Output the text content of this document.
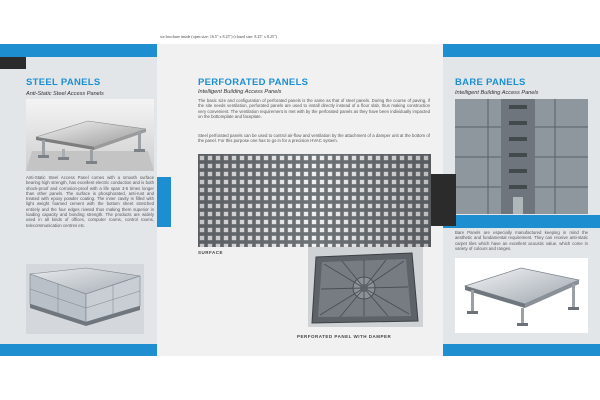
we brochure inside (open size: 16.5" x 8.25") (closed size: 8.25" x 8.25")
STEEL PANELS
Anti-Static Steel Access Panels

Anti-Static Steel Access Panel comes with a smooth surface bearing high strength, has excellent electric conduction and is both shock-proof and corrosion-proof with a life span 3-5 times longer than other panels. The surface is phosphorated, anti-rust and treated with epoxy powder coating. The inner cavity is filled with light weight foamed cement with the bottom sheet stretched entirely and the four edges riveted thus making them superior in loading capacity and bonding strength. The products are widely used in all kinds of offices, computer rooms, control rooms, telecommunication centres etc.

PERFORATED PANELS
Intelligent Building Access Panels

The basic size and configuration of perforated panels is the same as that of steel panels. During the course of paving, if the site needs ventilation, perforated panels are used to install directly instead of a floor slab, thus making construction very convenient. The ventilation requirement is met with by the perforated panels as they have been individually impacted on the bottomplate and faceplate.

Steel perforated panels can be used to control air-flow and ventilation by the attachment of a damper unit at the bottom of the panel. For this purpose one has to go in for a precision HVAC system.

SURFACE
PERFORATED PANEL WITH DAMPER
BARE PANELS
Intelligent Building Access Panels

Bare Panels are especially manufactured keeping in mind the aesthetic and fundamental requirement. They can receive anti-static carpet tiles which have an excellent acoustic value, which come in variety of colours and ranges.
